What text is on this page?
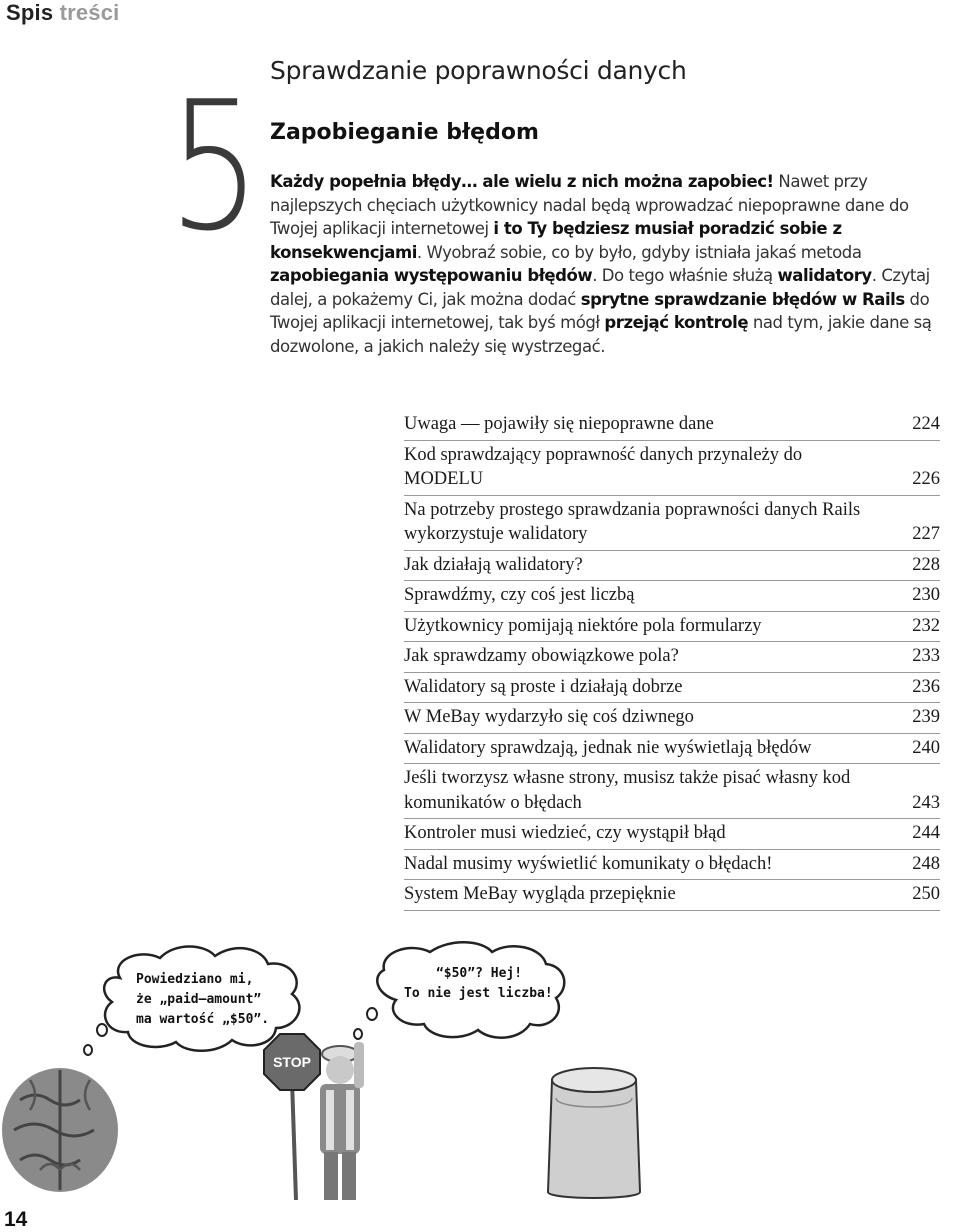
Spis treści
Sprawdzanie poprawności danych
5 Zapobieganie błędom
Każdy popełnia błędy… ale wielu z nich można zapobiec! Nawet przy najlepszych chęciach użytkownicy nadal będą wprowadzać niepoprawne dane do Twojej aplikacji internetowej i to Ty będziesz musiał poradzić sobie z konsekwencjami. Wyobraź sobie, co by było, gdyby istniała jakaś metoda zapobiegania występowaniu błędów. Do tego właśnie służą walidatory. Czytaj dalej, a pokażemy Ci, jak można dodać sprytne sprawdzanie błędów w Rails do Twojej aplikacji internetowej, tak byś mógł przejąć kontrolę nad tym, jakie dane są dozwolone, a jakich należy się wystrzegać.
Uwaga — pojawiły się niepoprawne dane	224
Kod sprawdzający poprawność danych przynależy do MODELU	226
Na potrzeby prostego sprawdzania poprawności danych Rails wykorzystuje walidatory	227
Jak działają walidatory?	228
Sprawdźmy, czy coś jest liczbą	230
Użytkownicy pomijają niektóre pola formularzy	232
Jak sprawdzamy obowiązkowe pola?	233
Walidatory są proste i działają dobrze	236
W MeBay wydarzyło się coś dziwnego	239
Walidatory sprawdzają, jednak nie wyświetlają błędów	240
Jeśli tworzysz własne strony, musisz także pisać własny kod komunikatów o błędach	243
Kontroler musi wiedzieć, czy wystąpił błąd	244
Nadal musimy wyświetlić komunikaty o błędach!	248
System MeBay wygląda przepięknie	250
STOP
Powiedziano mi,
że „paid—amount”
ma wartość „$50”.
“$50”? Hej!
To nie jest liczba!
14
